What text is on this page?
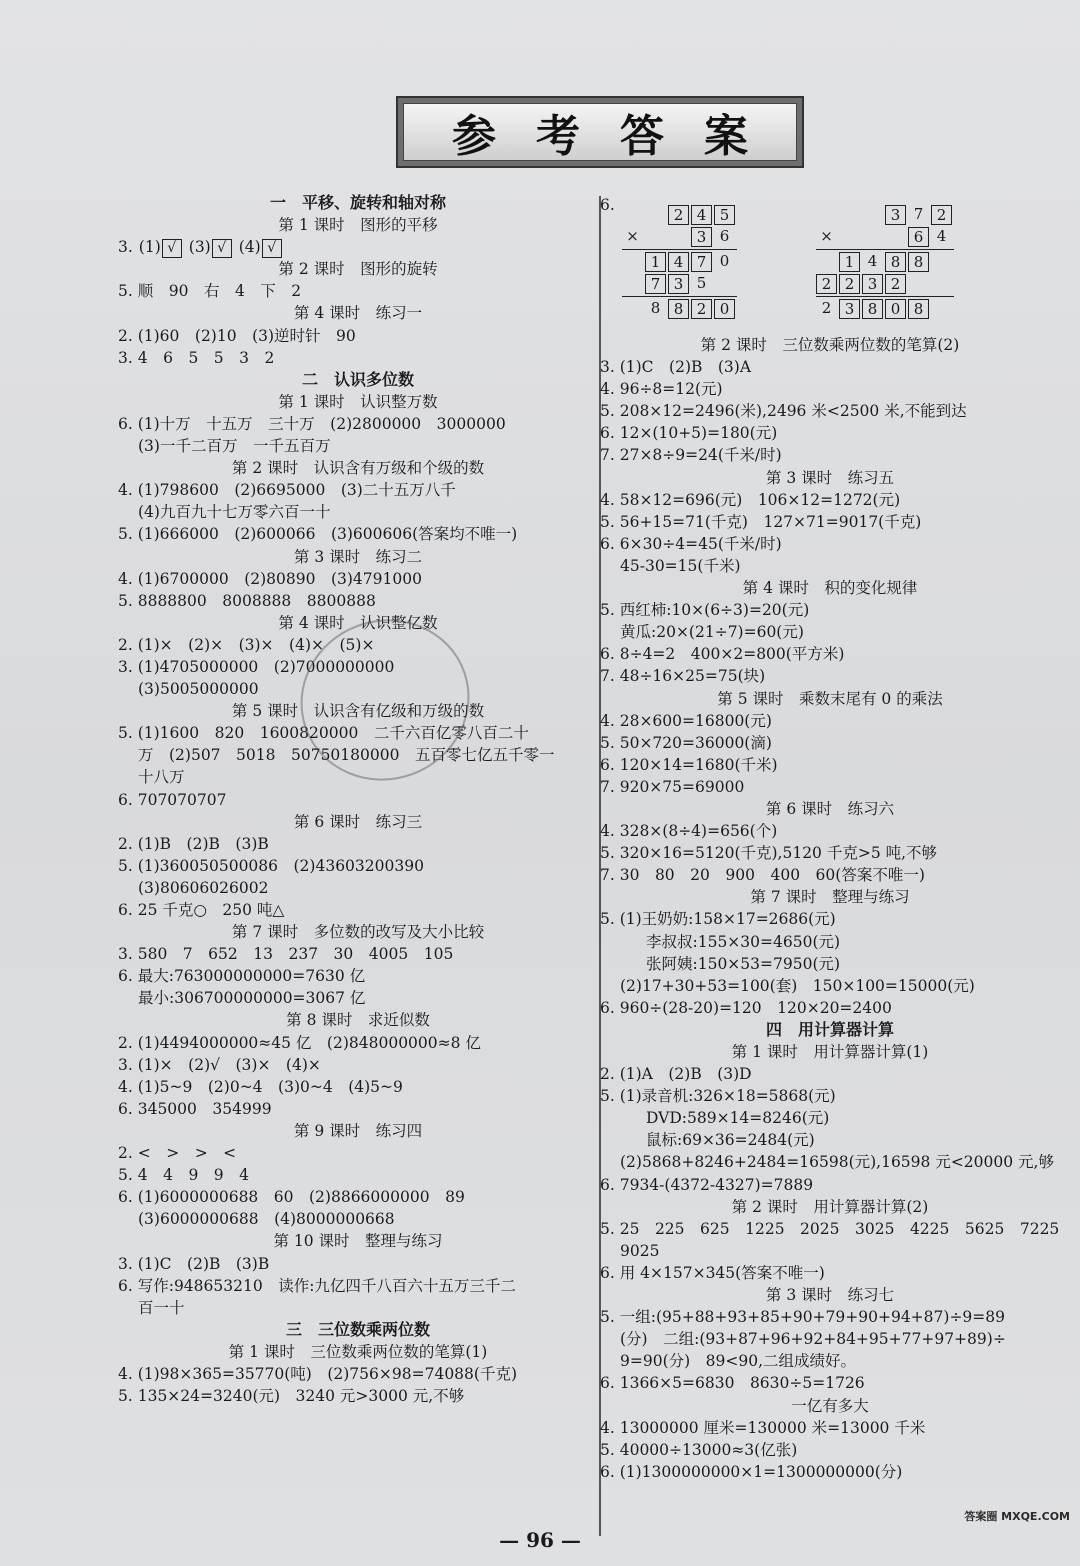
参考答案
一　平移、旋转和轴对称
第 1 课时　图形的平移
3. (1) √ (3) √ (4) √
第 2 课时　图形的旋转
5. 顺　90　右　4　下　2
第 4 课时　练习一
2. (1)60　(2)10　(3)逆时针　90
3. 4　6　5　5　3　2
二　认识多位数
第 1 课时　认识整万数
6. (1)十万　十五万　三十万　(2)2800000　3000000
(3)一千二百万　一千五百万
第 2 课时　认识含有万级和个级的数
4. (1)798600　(2)6695000　(3)二十五万八千
(4)九百九十七万零六百一十
5. (1)666000　(2)600066　(3)600606(答案均不唯一)
第 3 课时　练习二
4. (1)6700000　(2)80890　(3)4791000
5. 8888800　8008888　8800888
第 4 课时　认识整亿数
2. (1)×　(2)×　(3)×　(4)×　(5)×
3. (1)4705000000　(2)7000000000
(3)5005000000
第 5 课时　认识含有亿级和万级的数
5. (1)1600　820　1600820000　二千六百亿零八百二十
万　(2)507　5018　50750180000　五百零七亿五千零一
十八万
6. 707070707
第 6 课时　练习三
2. (1)B　(2)B　(3)B
5. (1)360050500086　(2)43603200390
(3)80606026002
6. 25 千克○　250 吨△
第 7 课时　多位数的改写及大小比较
3. 580　7　652　13　237　30　4005　105
6. 最大:763000000000=7630 亿
最小:306700000000=3067 亿
第 8 课时　求近似数
2. (1)4494000000≈45 亿　(2)848000000≈8 亿
3. (1)×　(2)√　(3)×　(4)×
4. (1)5~9　(2)0~4　(3)0~4　(4)5~9
6. 345000　354999
第 9 课时　练习四
2. <　>　>　<
5. 4　4　9　9　4
6. (1)6000000688　60　(2)8866000000　89
(3)6000000688　(4)8000000668
第 10 课时　整理与练习
3. (1)C　(2)B　(3)B
6. 写作:948653210　读作:九亿四千八百六十五万三千二
百一十
三　三位数乘两位数
第 1 课时　三位数乘两位数的笔算(1)
4. (1)98×365=35770(吨)　(2)756×98=74088(千克)
5. 135×24=3240(元)　3240 元>3000 元,不够
6.
2 4 5
×	3 6
1 4 7 0
7 3 5
8 8 2 0
3 7 2
×	6 4
1 4 8 8
2 2 3 2
2 3 8 0 8
第 2 课时　三位数乘两位数的笔算(2)
3. (1)C　(2)B　(3)A
4. 96÷8=12(元)
5. 208×12=2496(米),2496 米<2500 米,不能到达
6. 12×(10+5)=180(元)
7. 27×8÷9=24(千米/时)
第 3 课时　练习五
4. 58×12=696(元)　106×12=1272(元)
5. 56+15=71(千克)　127×71=9017(千克)
6. 6×30÷4=45(千米/时)
45-30=15(千米)
第 4 课时　积的变化规律
5. 西红柿:10×(6÷3)=20(元)
黄瓜:20×(21÷7)=60(元)
6. 8÷4=2　400×2=800(平方米)
7. 48÷16×25=75(块)
第 5 课时　乘数末尾有 0 的乘法
4. 28×600=16800(元)
5. 50×720=36000(滴)
6. 120×14=1680(千米)
7. 920×75=69000
第 6 课时　练习六
4. 328×(8÷4)=656(个)
5. 320×16=5120(千克),5120 千克>5 吨,不够
7. 30　80　20　900　400　60(答案不唯一)
第 7 课时　整理与练习
5. (1)王奶奶:158×17=2686(元)
李叔叔:155×30=4650(元)
张阿姨:150×53=7950(元)
(2)17+30+53=100(套)　150×100=15000(元)
6. 960÷(28-20)=120　120×20=2400
四　用计算器计算
第 1 课时　用计算器计算(1)
2. (1)A　(2)B　(3)D
5. (1)录音机:326×18=5868(元)
DVD:589×14=8246(元)
鼠标:69×36=2484(元)
(2)5868+8246+2484=16598(元),16598 元<20000 元,够
6. 7934-(4372-4327)=7889
第 2 课时　用计算器计算(2)
5. 25　225　625　1225　2025　3025　4225　5625　7225
9025
6. 用 4×157×345(答案不唯一)
第 3 课时　练习七
5. 一组:(95+88+93+85+90+79+90+94+87)÷9=89
(分)　二组:(93+87+96+92+84+95+77+97+89)÷
9=90(分)　89<90,二组成绩好。
6. 1366×5=6830　8630÷5=1726
一亿有多大
4. 13000000 厘米=130000 米=13000 千米
5. 40000÷13000≈3(亿张)
6. (1)1300000000×1=1300000000(分)
— 96 —
答案圈 MXQE.COM
